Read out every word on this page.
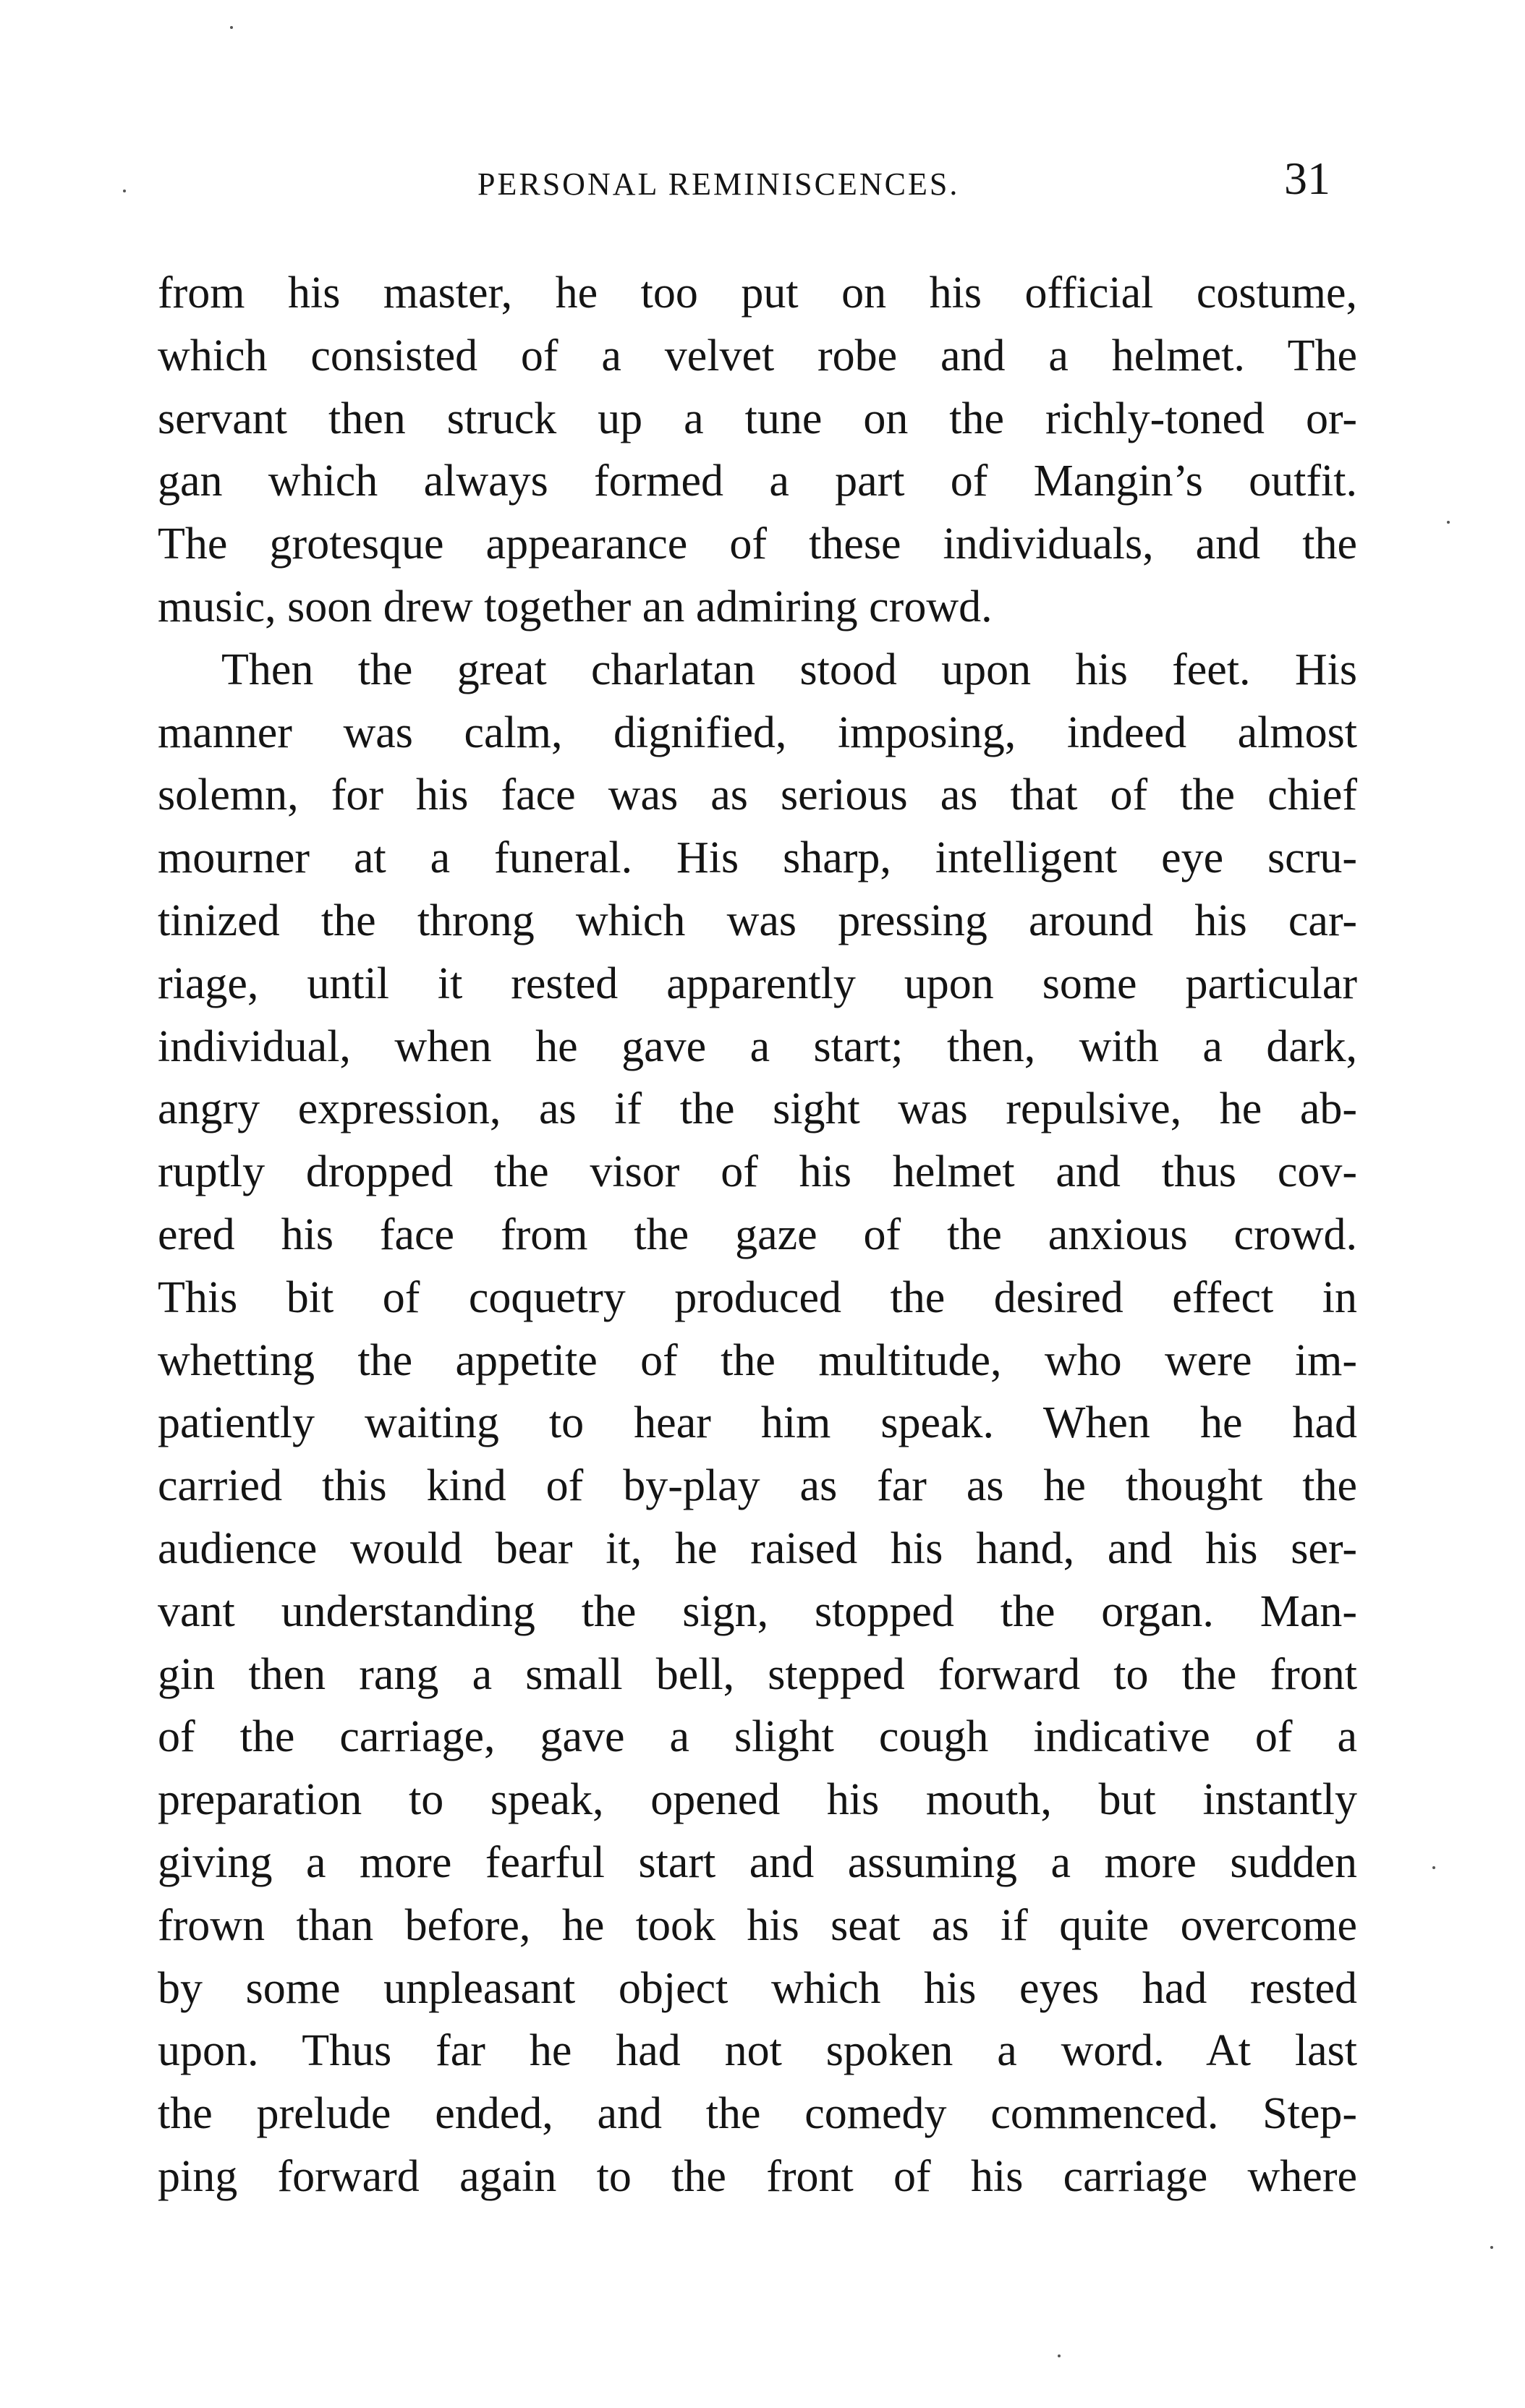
PERSONAL REMINISCENCES.	31
from his master, he too put on his official costume,
which consisted of a velvet robe and a helmet. The
servant then struck up a tune on the richly-toned or-
gan which always formed a part of Mangin’s outfit.
The grotesque appearance of these individuals, and the
music, soon drew together an admiring crowd.
Then the great charlatan stood upon his feet. His
manner was calm, dignified, imposing, indeed almost
solemn, for his face was as serious as that of the chief
mourner at a funeral. His sharp, intelligent eye scru-
tinized the throng which was pressing around his car-
riage, until it rested apparently upon some particular
individual, when he gave a start; then, with a dark,
angry expression, as if the sight was repulsive, he ab-
ruptly dropped the visor of his helmet and thus cov-
ered his face from the gaze of the anxious crowd.
This bit of coquetry produced the desired effect in
whetting the appetite of the multitude, who were im-
patiently waiting to hear him speak. When he had
carried this kind of by-play as far as he thought the
audience would bear it, he raised his hand, and his ser-
vant understanding the sign, stopped the organ. Man-
gin then rang a small bell, stepped forward to the front
of the carriage, gave a slight cough indicative of a
preparation to speak, opened his mouth, but instantly
giving a more fearful start and assuming a more sudden
frown than before, he took his seat as if quite overcome
by some unpleasant object which his eyes had rested
upon. Thus far he had not spoken a word. At last
the prelude ended, and the comedy commenced. Step-
ping forward again to the front of his carriage where
